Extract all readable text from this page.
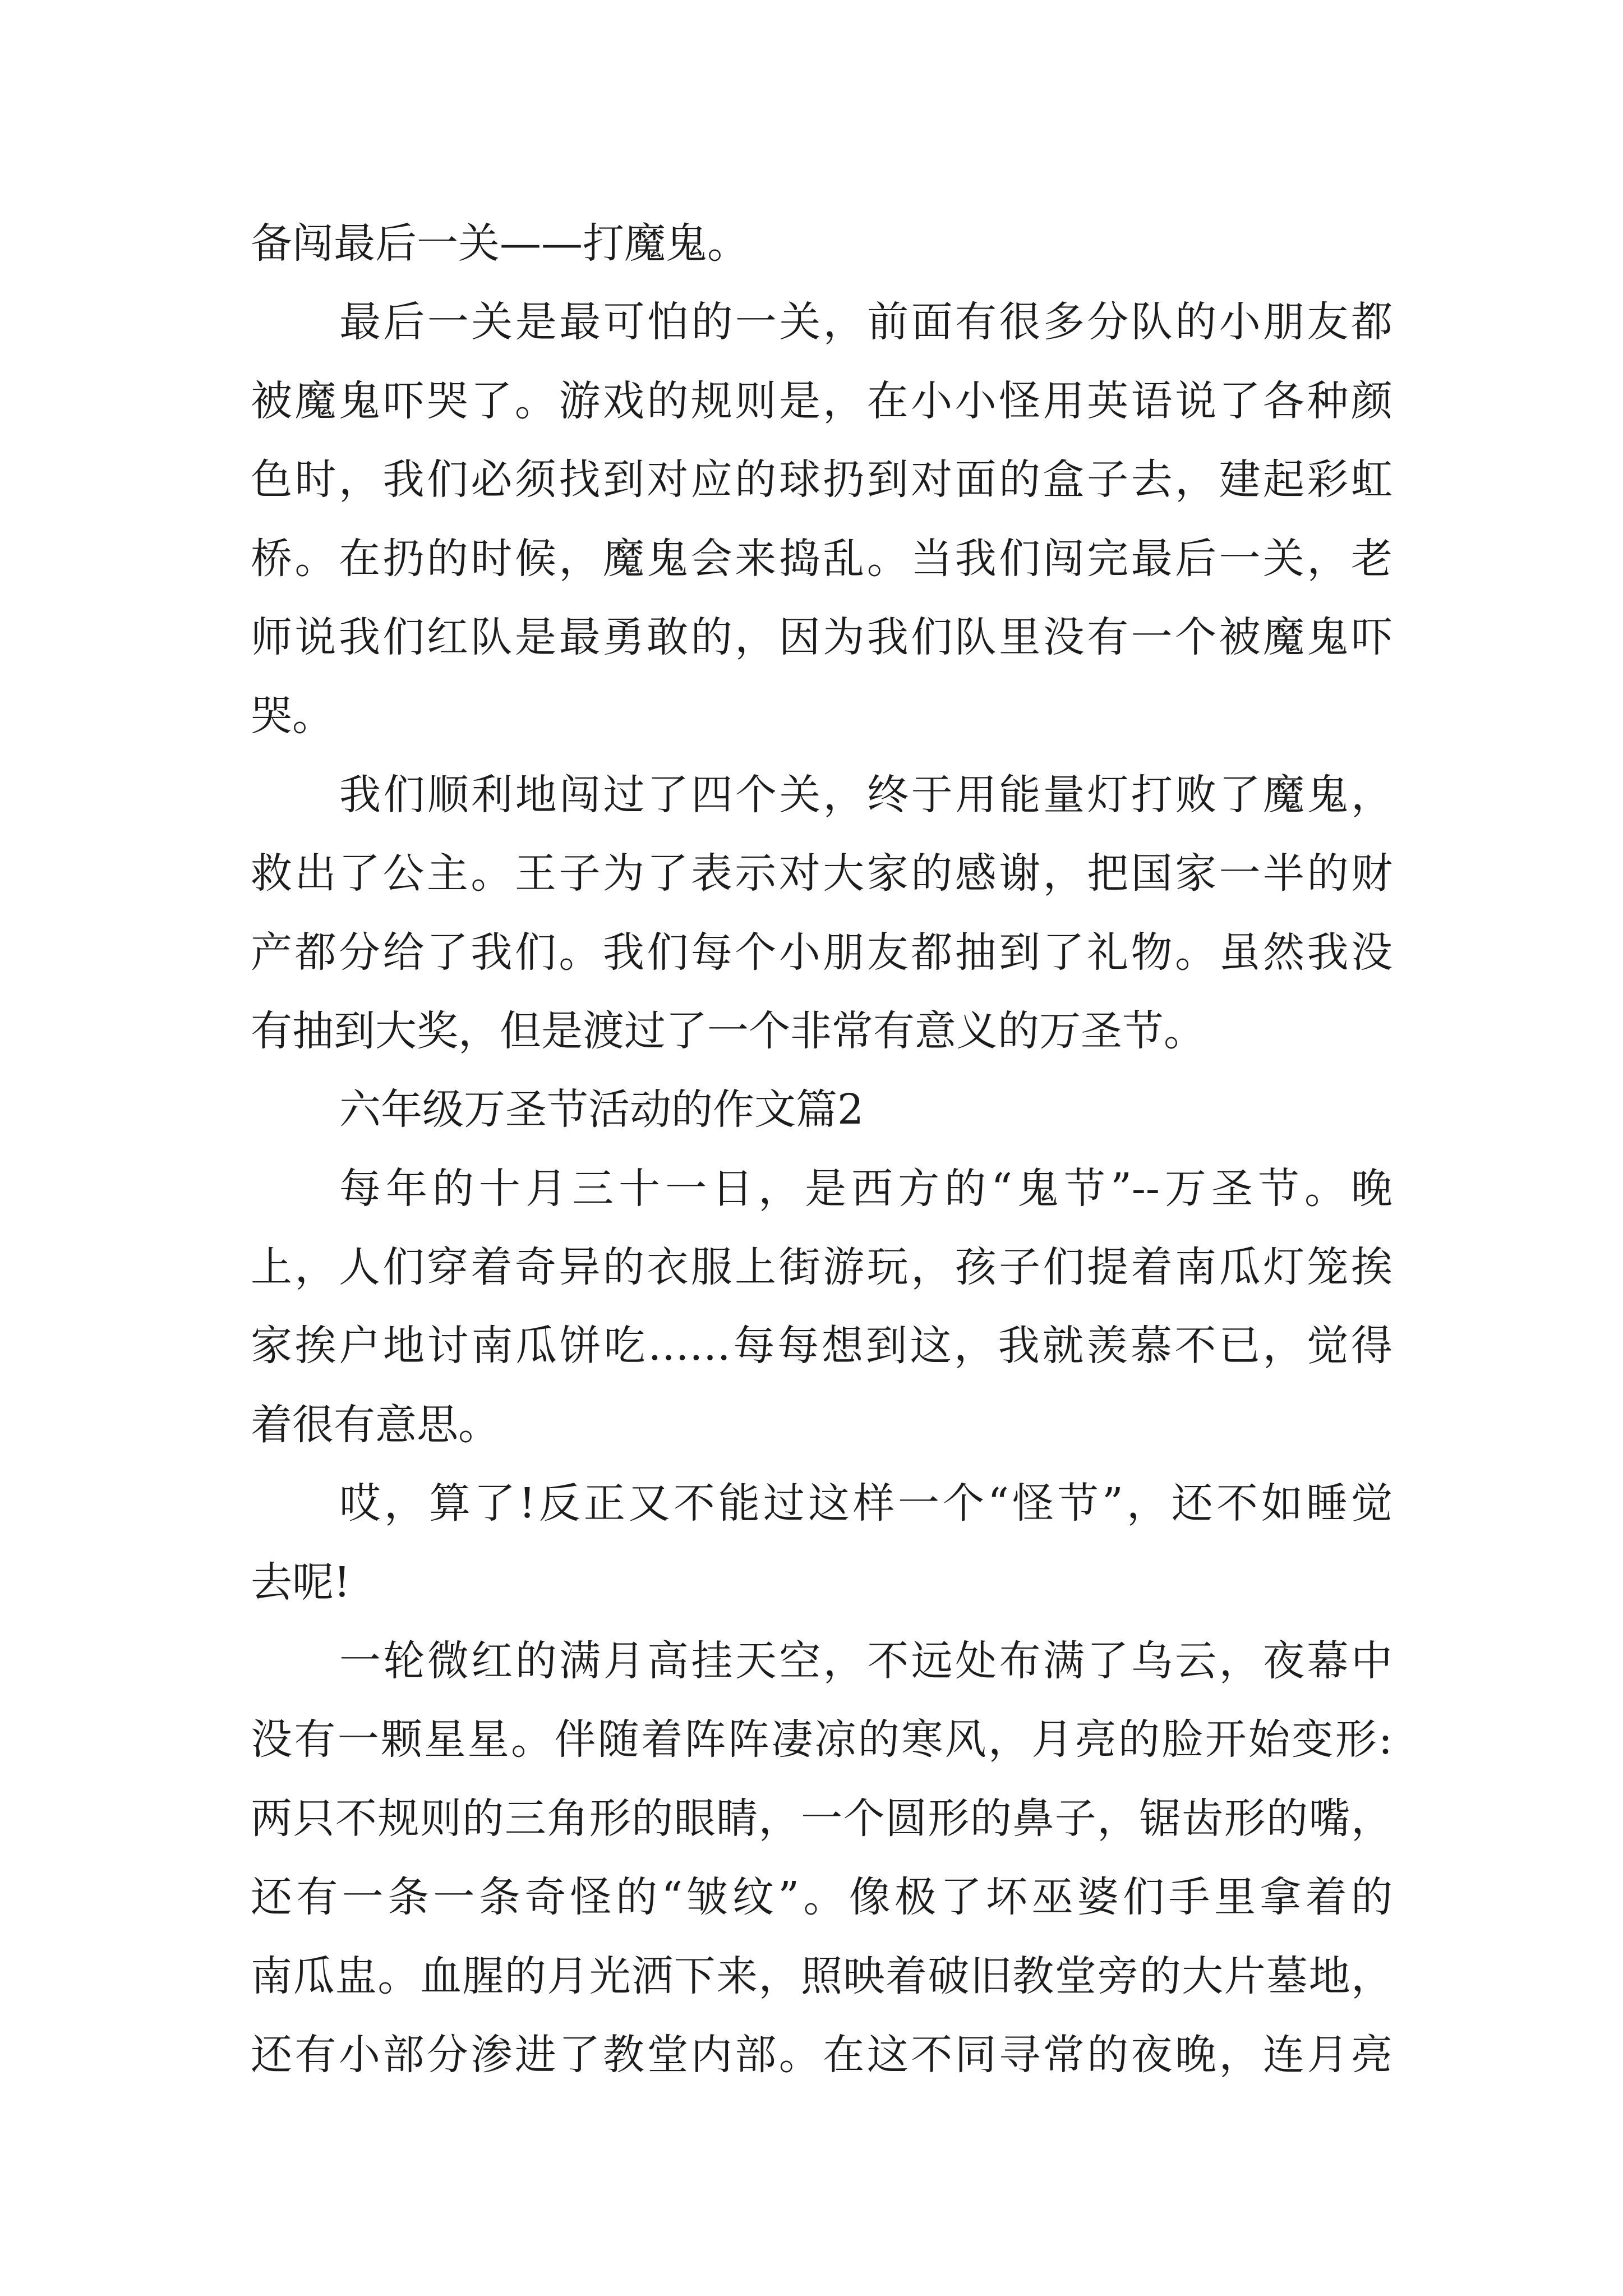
备闯最后一关——打魔鬼。
最后一关是最可怕的一关，前面有很多分队的小朋友都
被魔鬼吓哭了。游戏的规则是，在小小怪用英语说了各种颜
色时，我们必须找到对应的球扔到对面的盒子去，建起彩虹
桥。在扔的时候，魔鬼会来捣乱。当我们闯完最后一关，老
师说我们红队是最勇敢的，因为我们队里没有一个被魔鬼吓
哭。
我们顺利地闯过了四个关，终于用能量灯打败了魔鬼，
救出了公主。王子为了表示对大家的感谢，把国家一半的财
产都分给了我们。我们每个小朋友都抽到了礼物。虽然我没
有抽到大奖，但是渡过了一个非常有意义的万圣节。
六年级万圣节活动的作文篇2
每年的十月三十一日，是西方的“鬼节”--万圣节。晚
上，人们穿着奇异的衣服上街游玩，孩子们提着南瓜灯笼挨
家挨户地讨南瓜饼吃……每每想到这，我就羡慕不已，觉得
着很有意思。
哎，算了!反正又不能过这样一个“怪节”，还不如睡觉
去呢!
一轮微红的满月高挂天空，不远处布满了乌云，夜幕中
没有一颗星星。伴随着阵阵凄凉的寒风，月亮的脸开始变形:
两只不规则的三角形的眼睛，一个圆形的鼻子，锯齿形的嘴，
还有一条一条奇怪的“皱纹”。像极了坏巫婆们手里拿着的
南瓜盅。血腥的月光洒下来，照映着破旧教堂旁的大片墓地，
还有小部分渗进了教堂内部。在这不同寻常的夜晚，连月亮
